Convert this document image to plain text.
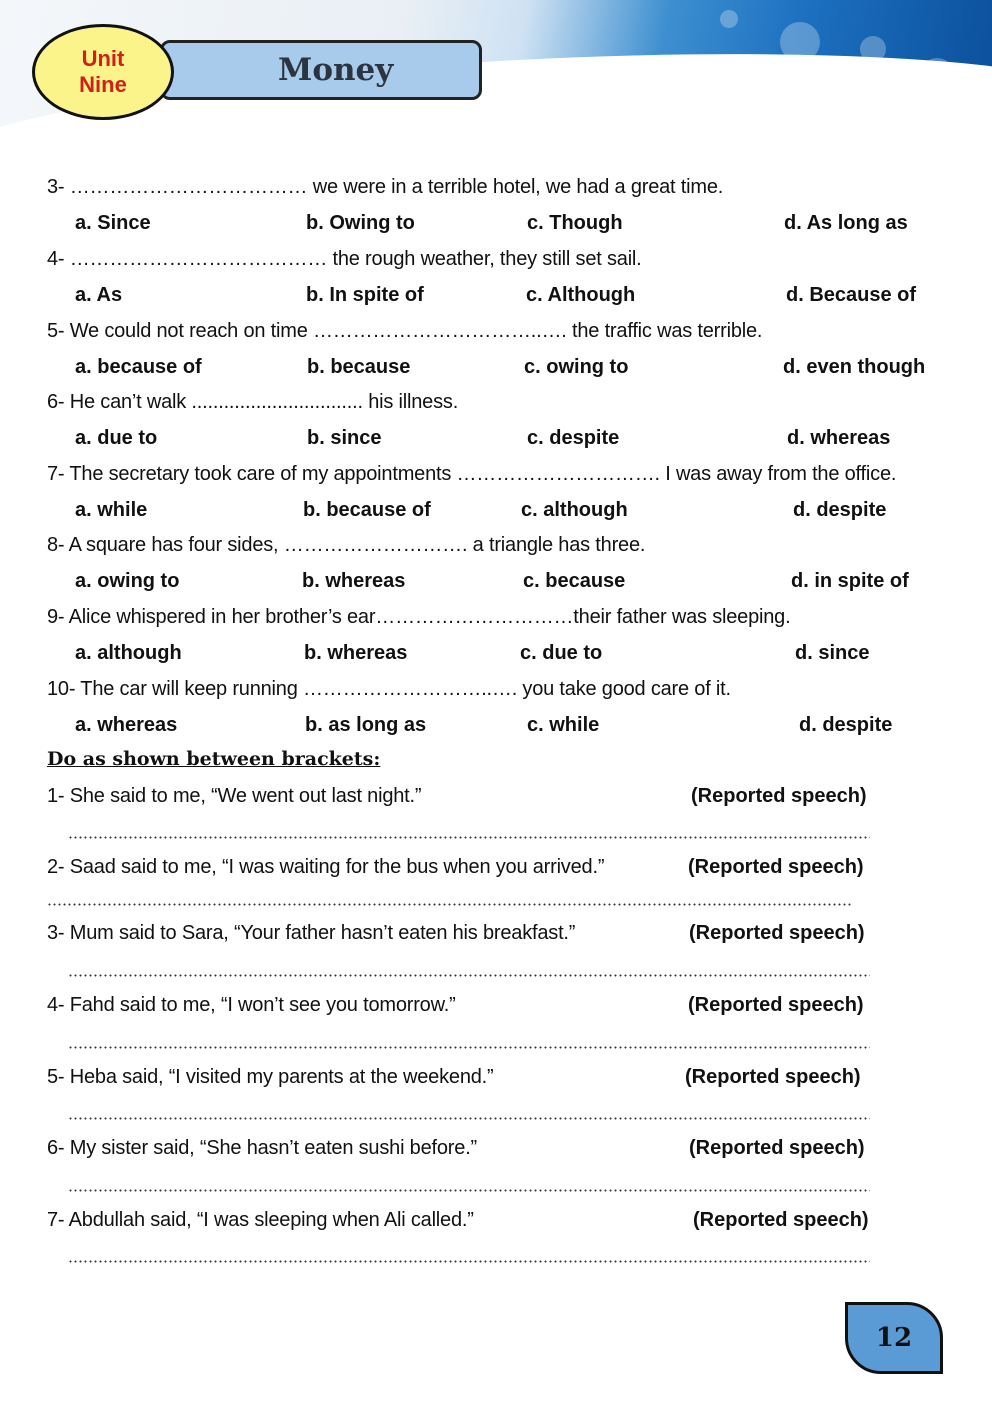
Unit
Nine	Money
3- ……………………………… we were in a terrible hotel, we had a great time.
a. Since	b. Owing to	c. Though	d. As long as
4- ………………………………… the rough weather, they still set sail.
a. As	b. In spite of	c. Although	d. Because of
5- We could not reach on time ……………………………..…. the traffic was terrible.
a. because of	b. because	c. owing to	d. even though
6- He can’t walk ................................ his illness.
a. due to	b. since	c. despite	d. whereas
7- The secretary took care of my appointments …………………………. I was away from the office.
a. while	b. because of	c. although	d. despite
8- A square has four sides, ………………………. a triangle has three.
a. owing to	b. whereas	c. because	d. in spite of
9- Alice whispered in her brother’s ear…………………………their father was sleeping.
a. although	b. whereas	c. due to	d. since
10- The car will keep running ………………………..…. you take good care of it.
a. whereas	b. as long as	c. while	d. despite
Do as shown between brackets:
1- She said to me, “We went out last night.”	(Reported speech)
2- Saad said to me, “I was waiting for the bus when you arrived.”	(Reported speech)
3- Mum said to Sara, “Your father hasn’t eaten his breakfast.”	(Reported speech)
4- Fahd said to me, “I won’t see you tomorrow.”	(Reported speech)
5- Heba said, “I visited my parents at the weekend.”	(Reported speech)
6- My sister said, “She hasn’t eaten sushi before.”	(Reported speech)
7- Abdullah said, “I was sleeping when Ali called.”	(Reported speech)
12
